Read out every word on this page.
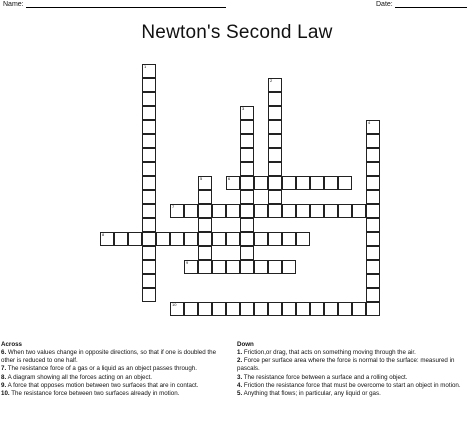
Name:	Date:
Newton's Second Law
1
2
3
4
5	6
7
8
9
10
Across
6. When two values change in opposite directions, so that if one is doubled the other is reduced to one half.
7. The resistance force of a gas or a liquid as an object passes through.
8. A diagram showing all the forces acting on an object.
9. A force that opposes motion between two surfaces that are in contact.
10. The resistance force between two surfaces already in motion.
Down
1. Friction,or drag, that acts on something moving through the air.
2. Force per surface area where the force is normal to the surface: measured in pascals.
3. The resistance force between a surface and a rolling object.
4. Friction the resistance force that must be overcome to start an object in motion.
5. Anything that flows; in particular, any liquid or gas.
